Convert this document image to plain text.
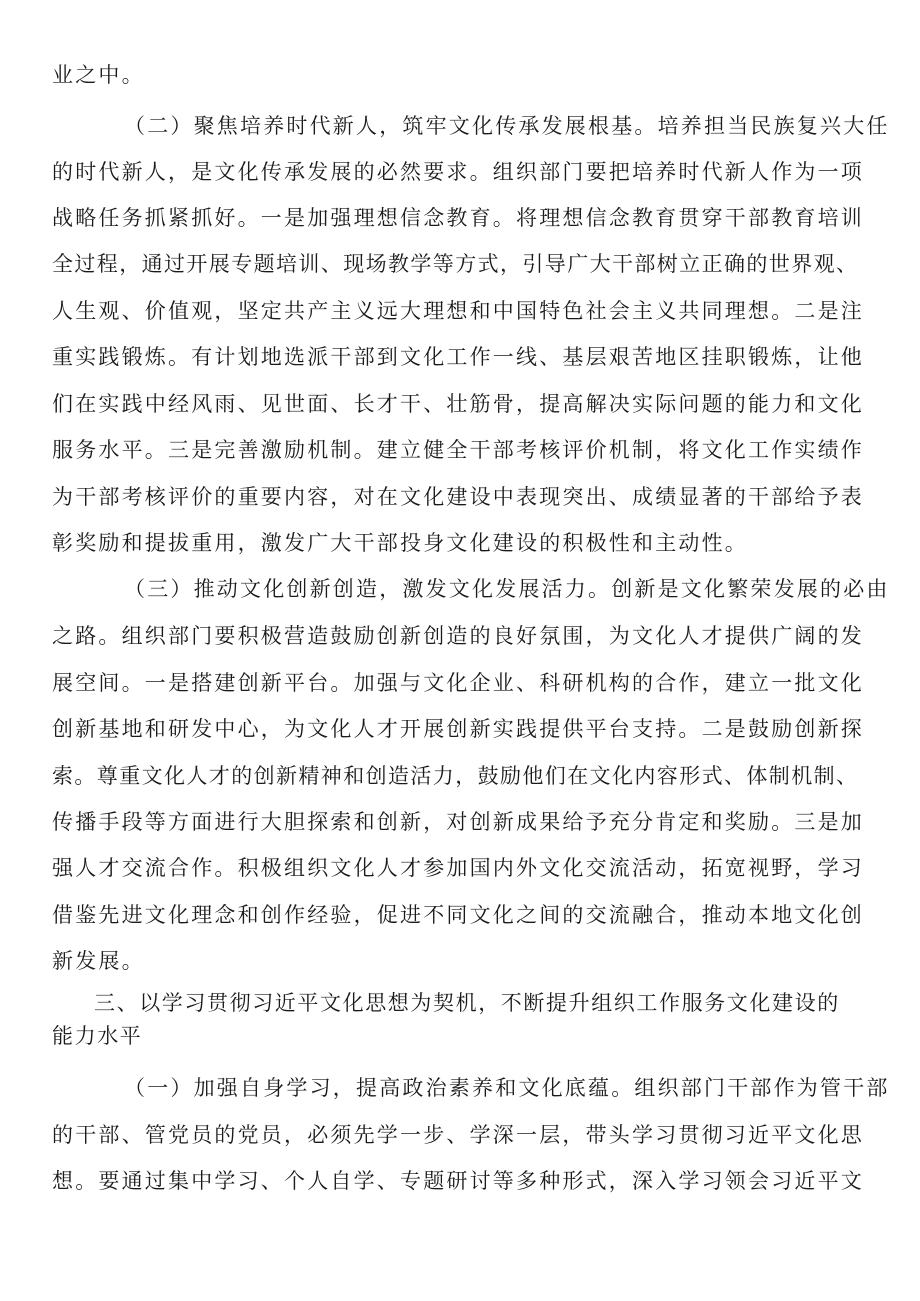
业之中。
（二）聚焦培养时代新人，筑牢文化传承发展根基。培养担当民族复兴大任
的时代新人，是文化传承发展的必然要求。组织部门要把培养时代新人作为一项
战略任务抓紧抓好。一是加强理想信念教育。将理想信念教育贯穿干部教育培训
全过程，通过开展专题培训、现场教学等方式，引导广大干部树立正确的世界观、
人生观、价值观，坚定共产主义远大理想和中国特色社会主义共同理想。二是注
重实践锻炼。有计划地选派干部到文化工作一线、基层艰苦地区挂职锻炼，让他
们在实践中经风雨、见世面、长才干、壮筋骨，提高解决实际问题的能力和文化
服务水平。三是完善激励机制。建立健全干部考核评价机制，将文化工作实绩作
为干部考核评价的重要内容，对在文化建设中表现突出、成绩显著的干部给予表
彰奖励和提拔重用，激发广大干部投身文化建设的积极性和主动性。
（三）推动文化创新创造，激发文化发展活力。创新是文化繁荣发展的必由
之路。组织部门要积极营造鼓励创新创造的良好氛围，为文化人才提供广阔的发
展空间。一是搭建创新平台。加强与文化企业、科研机构的合作，建立一批文化
创新基地和研发中心，为文化人才开展创新实践提供平台支持。二是鼓励创新探
索。尊重文化人才的创新精神和创造活力，鼓励他们在文化内容形式、体制机制、
传播手段等方面进行大胆探索和创新，对创新成果给予充分肯定和奖励。三是加
强人才交流合作。积极组织文化人才参加国内外文化交流活动，拓宽视野，学习
借鉴先进文化理念和创作经验，促进不同文化之间的交流融合，推动本地文化创
新发展。
三、以学习贯彻习近平文化思想为契机，不断提升组织工作服务文化建设的
能力水平
（一）加强自身学习，提高政治素养和文化底蕴。组织部门干部作为管干部
的干部、管党员的党员，必须先学一步、学深一层，带头学习贯彻习近平文化思
想。要通过集中学习、个人自学、专题研讨等多种形式，深入学习领会习近平文
